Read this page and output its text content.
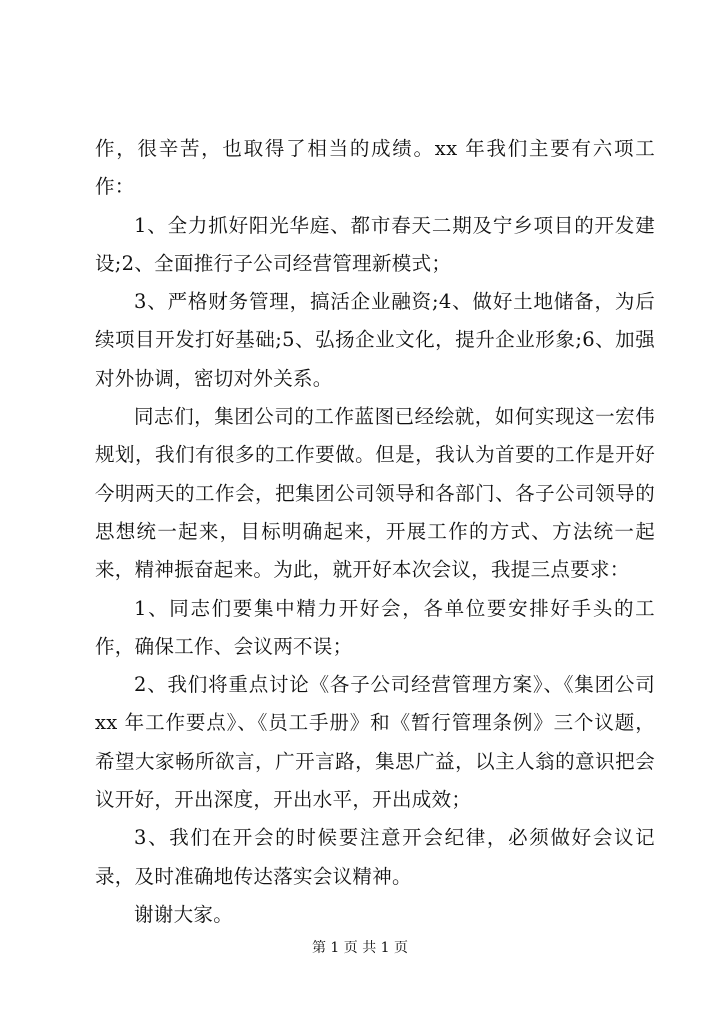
作，很辛苦，也取得了相当的成绩。xx 年我们主要有六项工作：

1、全力抓好阳光华庭、都市春天二期及宁乡项目的开发建设;2、全面推行子公司经营管理新模式；

3、严格财务管理，搞活企业融资;4、做好土地储备，为后续项目开发打好基础;5、弘扬企业文化，提升企业形象;6、加强对外协调，密切对外关系。

同志们，集团公司的工作蓝图已经绘就，如何实现这一宏伟规划，我们有很多的工作要做。但是，我认为首要的工作是开好今明两天的工作会，把集团公司领导和各部门、各子公司领导的思想统一起来，目标明确起来，开展工作的方式、方法统一起来，精神振奋起来。为此，就开好本次会议，我提三点要求：

1、同志们要集中精力开好会，各单位要安排好手头的工作，确保工作、会议两不误；

2、我们将重点讨论《各子公司经营管理方案》、《集团公司 xx 年工作要点》、《员工手册》和《暂行管理条例》三个议题，希望大家畅所欲言，广开言路，集思广益，以主人翁的意识把会议开好，开出深度，开出水平，开出成效；

3、我们在开会的时候要注意开会纪律，必须做好会议记录，及时准确地传达落实会议精神。

谢谢大家。

第 1 页 共 1 页
